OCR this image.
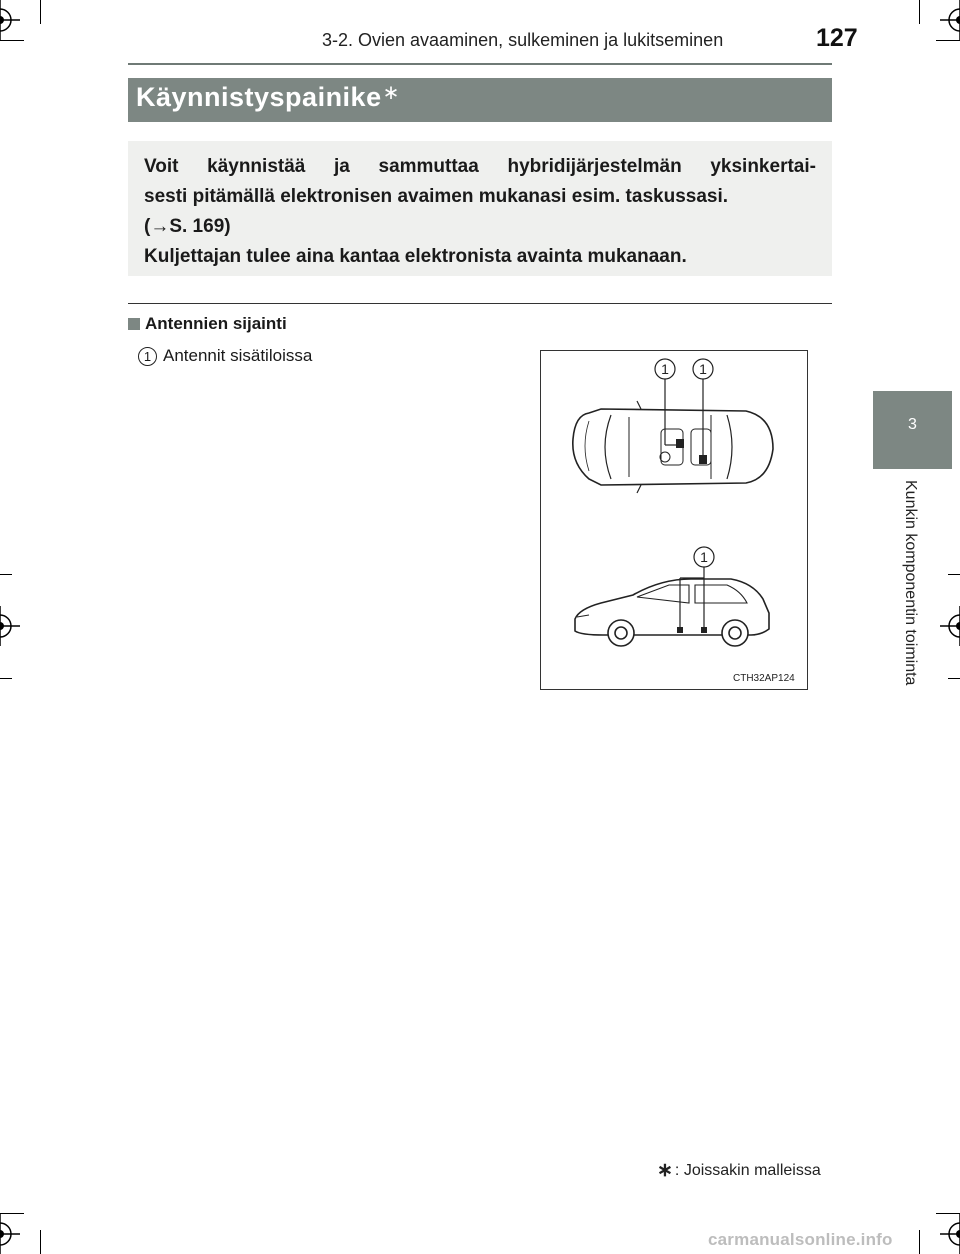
3-2. Ovien avaaminen, sulkeminen ja lukitseminen	127
Käynnistyspainike∗
Voit käynnistää ja sammuttaa hybridijärjestelmän yksinkertai-
sesti pitämällä elektronisen avaimen mukanasi esim. taskussasi.
(→S. 169)
Kuljettajan tulee aina kantaa elektronista avainta mukanaan.
Antennien sijainti
1 Antennit sisätiloissa
1 1
1
CTH32AP124
3
Kunkin komponentin toiminta
∗ : Joissakin malleissa
carmanualsonline.info
